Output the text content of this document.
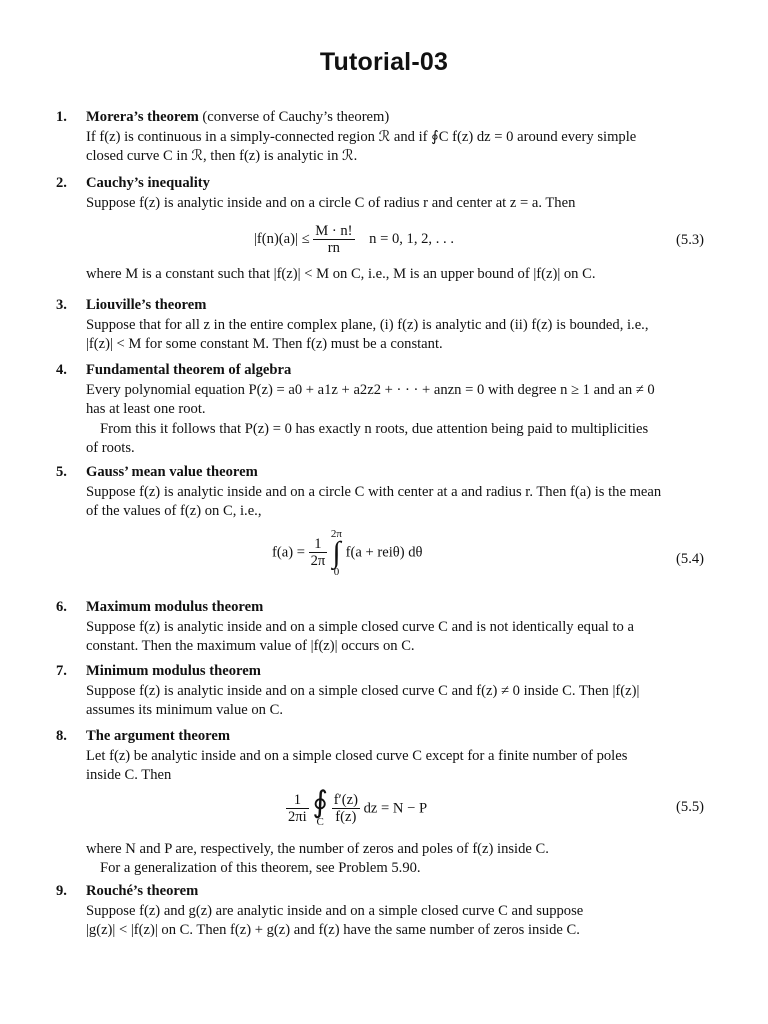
Tutorial-03
1.	Morera’s theorem (converse of Cauchy’s theorem)

If f(z) is continuous in a simply-connected region ℛ and if ∮C f(z) dz = 0 around every simple

closed curve C in ℛ, then f(z) is analytic in ℛ.

2.	Cauchy’s inequality

Suppose f(z) is analytic inside and on a circle C of radius r and center at z = a. Then

$|f(n)(a)| \le \frac{M \cdot n!}{rn}$ n = 0, 1, 2, . . .	(5.3)

where M is a constant such that |f(z)| < M on C, i.e., M is an upper bound of |f(z)| on C.

3.	Liouville’s theorem

Suppose that for all z in the entire complex plane, (i) f(z) is analytic and (ii) f(z) is bounded, i.e.,

|f(z)| < M for some constant M. Then f(z) must be a constant.

4.	Fundamental theorem of algebra

Every polynomial equation P(z) = a0 + a1z + a2z2 + · · · + anzn = 0 with degree n ≥ 1 and an ≠ 0

has at least one root.

From this it follows that P(z) = 0 has exactly n roots, due attention being paid to multiplicities

of roots.

5.	Gauss’ mean value theorem

Suppose f(z) is analytic inside and on a circle C with center at a and radius r. Then f(a) is the mean

of the values of f(z) on C, i.e.,

$f(a) = \frac{1}{2\pi}$
2π
∫
0 f(a + reiθ) dθ	(5.4)
6.	Maximum modulus theorem

Suppose f(z) is analytic inside and on a simple closed curve C and is not identically equal to a

constant. Then the maximum value of |f(z)| occurs on C.

7.	Minimum modulus theorem

Suppose f(z) is analytic inside and on a simple closed curve C and f(z) ≠ 0 inside C. Then |f(z)|

assumes its minimum value on C.

8.	The argument theorem

Let f(z) be analytic inside and on a simple closed curve C except for a finite number of poles

inside C. Then

$\frac{1}{2\pi i}$
∮
C $\frac{f'(z)}{f(z)}$ dz = N − P	(5.5)

where N and P are, respectively, the number of zeros and poles of f(z) inside C.

For a generalization of this theorem, see Problem 5.90.

9.	Rouché’s theorem

Suppose f(z) and g(z) are analytic inside and on a simple closed curve C and suppose

|g(z)| < |f(z)| on C. Then f(z) + g(z) and f(z) have the same number of zeros inside C.
